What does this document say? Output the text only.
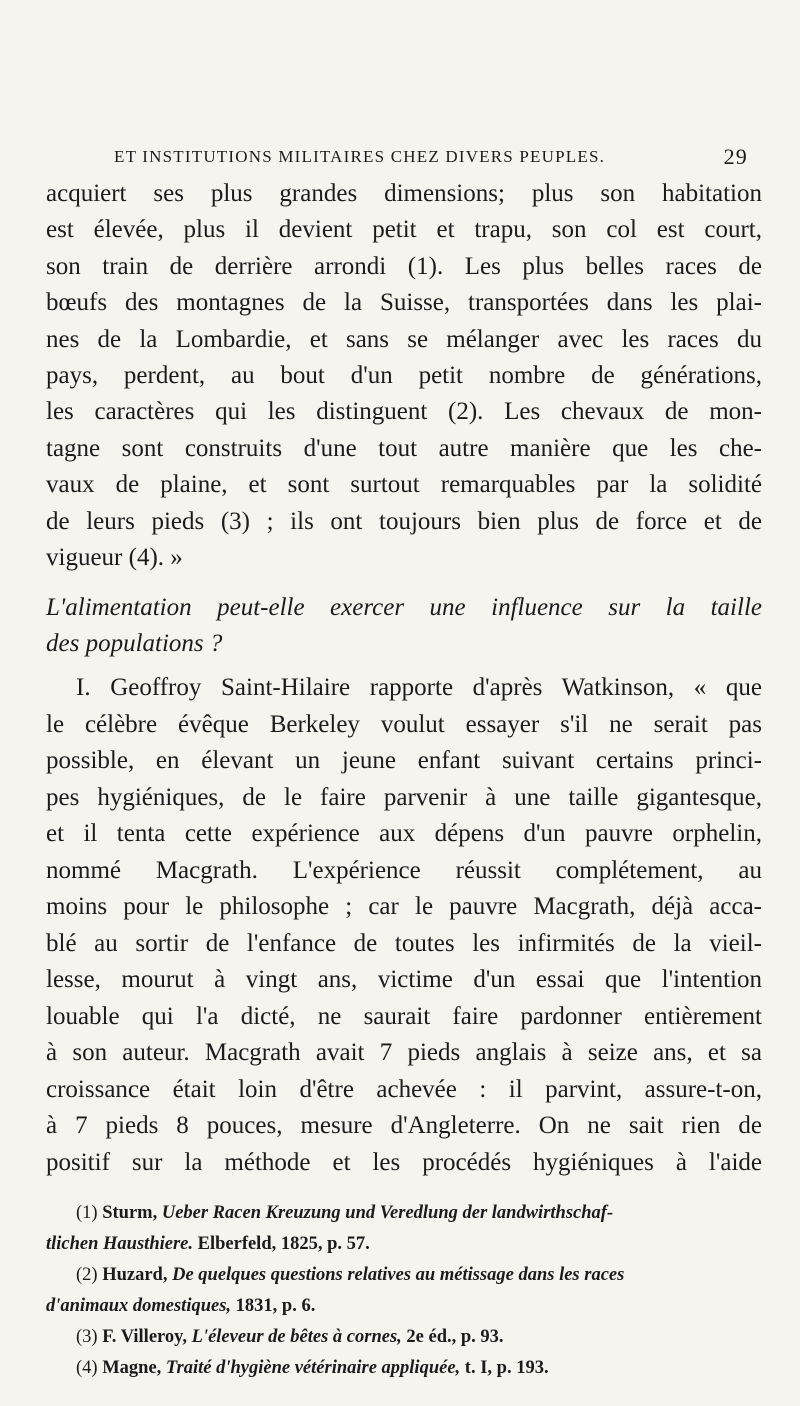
ET INSTITUTIONS MILITAIRES CHEZ DIVERS PEUPLES.	29
acquiert ses plus grandes dimensions; plus son habitation
est élevée, plus il devient petit et trapu, son col est court,
son train de derrière arrondi (1). Les plus belles races de
bœufs des montagnes de la Suisse, transportées dans les plai-
nes de la Lombardie, et sans se mélanger avec les races du
pays, perdent, au bout d'un petit nombre de générations,
les caractères qui les distinguent (2). Les chevaux de mon-
tagne sont construits d'une tout autre manière que les che-
vaux de plaine, et sont surtout remarquables par la solidité
de leurs pieds (3) ; ils ont toujours bien plus de force et de
vigueur (4). »
L'alimentation peut-elle exercer une influence sur la taille
des populations ?
I. Geoffroy Saint-Hilaire rapporte d'après Watkinson, « que
le célèbre évêque Berkeley voulut essayer s'il ne serait pas
possible, en élevant un jeune enfant suivant certains princi-
pes hygiéniques, de le faire parvenir à une taille gigantesque,
et il tenta cette expérience aux dépens d'un pauvre orphelin,
nommé Macgrath. L'expérience réussit complétement, au
moins pour le philosophe ; car le pauvre Macgrath, déjà acca-
blé au sortir de l'enfance de toutes les infirmités de la vieil-
lesse, mourut à vingt ans, victime d'un essai que l'intention
louable qui l'a dicté, ne saurait faire pardonner entièrement
à son auteur. Macgrath avait 7 pieds anglais à seize ans, et sa
croissance était loin d'être achevée : il parvint, assure-t-on,
à 7 pieds 8 pouces, mesure d'Angleterre. On ne sait rien de
positif sur la méthode et les procédés hygiéniques à l'aide
(1) Sturm, Ueber Racen Kreuzung und Veredlung der landwirthschaf-
tlichen Hausthiere. Elberfeld, 1825, p. 57.
(2) Huzard, De quelques questions relatives au métissage dans les races
d'animaux domestiques, 1831, p. 6.
(3) F. Villeroy, L'éleveur de bêtes à cornes, 2e éd., p. 93.
(4) Magne, Traité d'hygiène vétérinaire appliquée, t. I, p. 193.
